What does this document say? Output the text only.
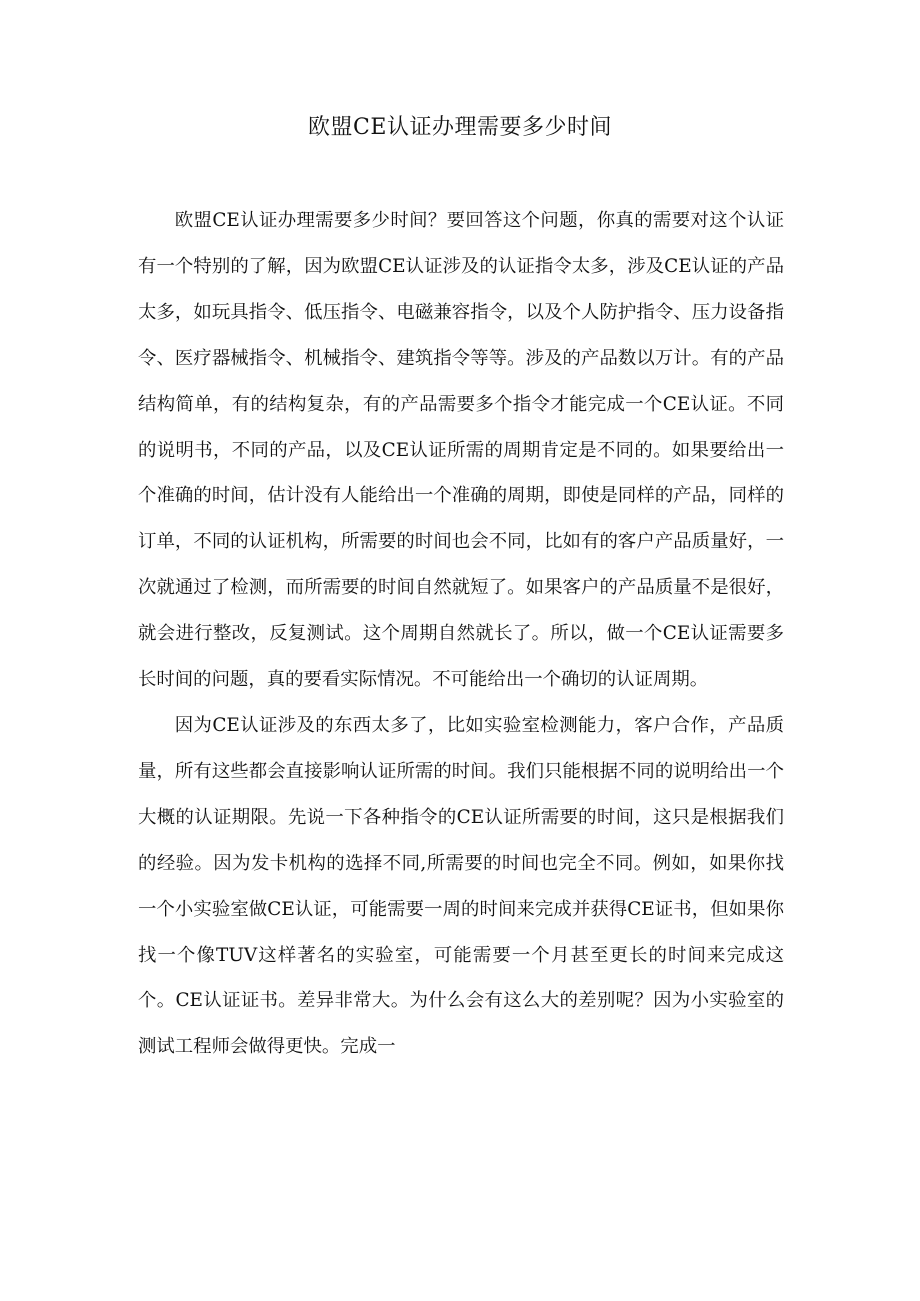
欧盟CE认证办理需要多少时间

欧盟CE认证办理需要多少时间？要回答这个问题，你真的需要对这个认证有一个特别的了解，因为欧盟CE认证涉及的认证指令太多，涉及CE认证的产品太多，如玩具指令、低压指令、电磁兼容指令，以及个人防护指令、压力设备指令、医疗器械指令、机械指令、建筑指令等等。涉及的产品数以万计。有的产品结构简单，有的结构复杂，有的产品需要多个指令才能完成一个CE认证。不同的说明书，不同的产品，以及CE认证所需的周期肯定是不同的。如果要给出一个准确的时间，估计没有人能给出一个准确的周期，即使是同样的产品，同样的订单，不同的认证机构，所需要的时间也会不同，比如有的客户产品质量好，一次就通过了检测，而所需要的时间自然就短了。如果客户的产品质量不是很好，就会进行整改，反复测试。这个周期自然就长了。所以，做一个CE认证需要多长时间的问题，真的要看实际情况。不可能给出一个确切的认证周期。

因为CE认证涉及的东西太多了，比如实验室检测能力，客户合作，产品质量，所有这些都会直接影响认证所需的时间。我们只能根据不同的说明给出一个大概的认证期限。先说一下各种指令的CE认证所需要的时间，这只是根据我们的经验。因为发卡机构的选择不同,所需要的时间也完全不同。例如，如果你找一个小实验室做CE认证，可能需要一周的时间来完成并获得CE证书，但如果你找一个像TUV这样著名的实验室，可能需要一个月甚至更长的时间来完成这个。CE认证证书。差异非常大。为什么会有这么大的差别呢？因为小实验室的测试工程师会做得更快。完成一
